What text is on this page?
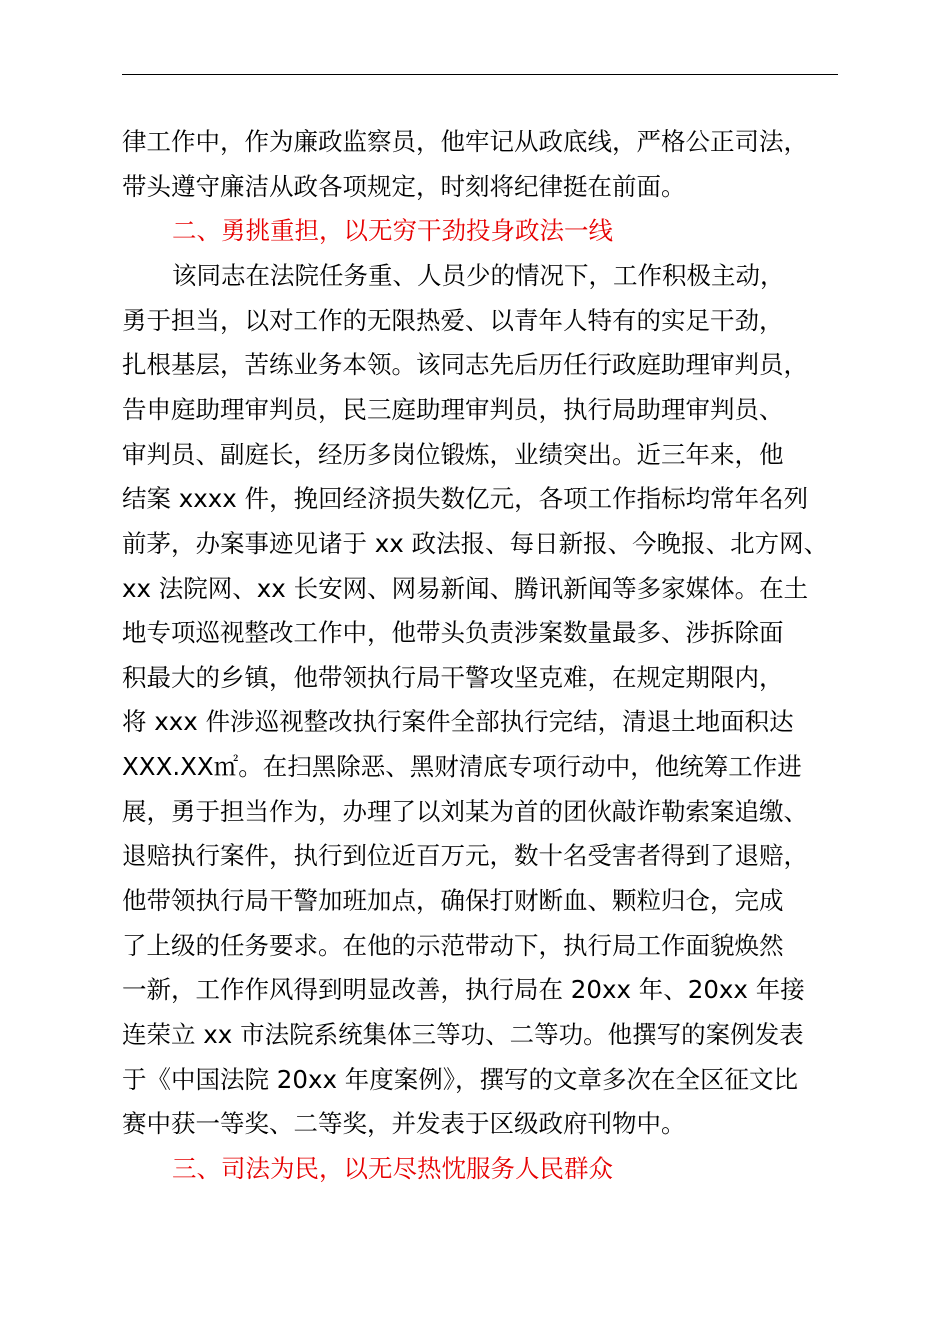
律工作中，作为廉政监察员，他牢记从政底线，严格公正司法，
带头遵守廉洁从政各项规定，时刻将纪律挺在前面。
二、勇挑重担，以无穷干劲投身政法一线
该同志在法院任务重、人员少的情况下，工作积极主动，
勇于担当，以对工作的无限热爱、以青年人特有的实足干劲，
扎根基层，苦练业务本领。该同志先后历任行政庭助理审判员，
告申庭助理审判员，民三庭助理审判员，执行局助理审判员、
审判员、副庭长，经历多岗位锻炼，业绩突出。近三年来，他
结案 xxxx 件，挽回经济损失数亿元，各项工作指标均常年名列
前茅，办案事迹见诸于 xx 政法报、每日新报、今晚报、北方网、
xx 法院网、xx 长安网、网易新闻、腾讯新闻等多家媒体。在土
地专项巡视整改工作中，他带头负责涉案数量最多、涉拆除面
积最大的乡镇，他带领执行局干警攻坚克难，在规定期限内，
将 xxx 件涉巡视整改执行案件全部执行完结，清退土地面积达
XXX.XX㎡。在扫黑除恶、黑财清底专项行动中，他统筹工作进
展，勇于担当作为，办理了以刘某为首的团伙敲诈勒索案追缴、
退赔执行案件，执行到位近百万元，数十名受害者得到了退赔，
他带领执行局干警加班加点，确保打财断血、颗粒归仓，完成
了上级的任务要求。在他的示范带动下，执行局工作面貌焕然
一新，工作作风得到明显改善，执行局在 20xx 年、20xx 年接
连荣立 xx 市法院系统集体三等功、二等功。他撰写的案例发表
于《中国法院 20xx 年度案例》，撰写的文章多次在全区征文比
赛中获一等奖、二等奖，并发表于区级政府刊物中。
三、司法为民，以无尽热忱服务人民群众
